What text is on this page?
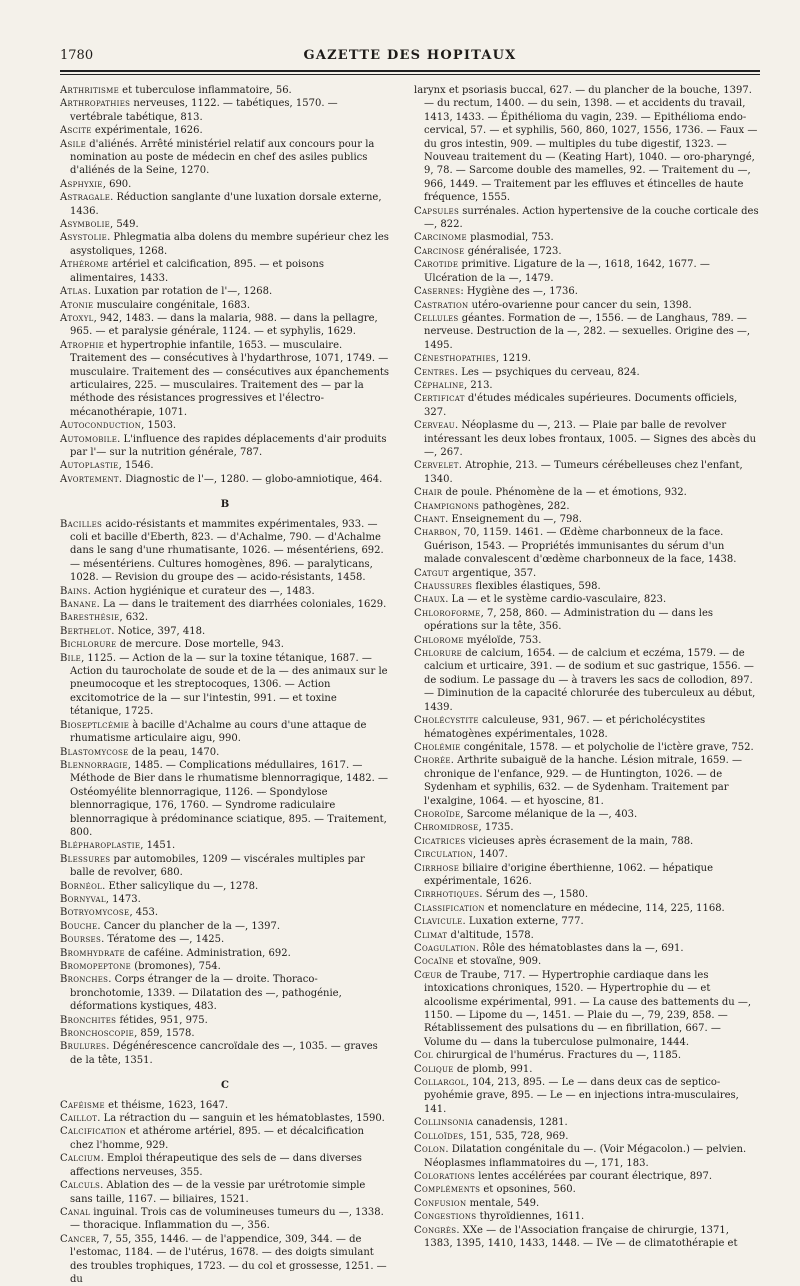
1780	GAZETTE DES HOPITAUX

Arthritisme et tuberculose inflammatoire, 56.

Arthropathies nerveuses, 1122. — tabétiques, 1570. — vertébrale tabétique, 813.

Ascite expérimentale, 1626.

Asile d'aliénés. Arrêté ministériel relatif aux concours pour la nomination au poste de médecin en chef des asiles publics d'aliénés de la Seine, 1270.

Asphyxie, 690.

Astragale. Réduction sanglante d'une luxation dorsale externe, 1436.

Asymbolie, 549.

Asystolie. Phlegmatia alba dolens du membre supérieur chez les asystoliques, 1268.

Athérome artériel et calcification, 895. — et poisons alimentaires, 1433.

Atlas. Luxation par rotation de l'—, 1268.

Atonie musculaire congénitale, 1683.

Atoxyl, 942, 1483. — dans la malaria, 988. — dans la pellagre, 965. — et paralysie générale, 1124. — et syphylis, 1629.

Atrophie et hypertrophie infantile, 1653. — musculaire. Traitement des — consécutives à l'hydarthrose, 1071, 1749. — musculaire. Traitement des — consécutives aux épanchements articulaires, 225. — musculaires. Traitement des — par la méthode des résistances progressives et l'électro-mécanothérapie, 1071.

Autoconduction, 1503.

Automobile. L'influence des rapides déplacements d'air produits par l'— sur la nutrition générale, 787.

Autoplastie, 1546.

Avortement. Diagnostic de l'—, 1280. — globo-amniotique, 464.

B

Bacilles acido-résistants et mammites expérimentales, 933. — coli et bacille d'Eberth, 823. — d'Achalme, 790. — d'Achalme dans le sang d'une rhumatisante, 1026. — mésentériens, 692. — mésentériens. Cultures homogènes, 896. — paralyticans, 1028. — Revision du groupe des — acido-résistants, 1458.

Bains. Action hygiénique et curateur des —, 1483.

Banane. La — dans le traitement des diarrhées coloniales, 1629.

Baresthésie, 632.

Berthelot. Notice, 397, 418.

Bichlorure de mercure. Dose mortelle, 943.

Bile, 1125. — Action de la — sur la toxine tétanique, 1687. — Action du taurocholate de soude et de la — des animaux sur le pneumocoque et les streptocoques, 1306. — Action excitomotrice de la — sur l'intestin, 991. — et toxine tétanique, 1725.

Bioseptlcémie à bacille d'Achalme au cours d'une attaque de rhumatisme articulaire aigu, 990.

Blastomycose de la peau, 1470.

Blennorragie, 1485. — Complications médullaires, 1617. — Méthode de Bier dans le rhumatisme blennorragique, 1482. — Ostéomyélite blennorragique, 1126. — Spondylose blennorragique, 176, 1760. — Syndrome radiculaire blennorragique à prédominance sciatique, 895. — Traitement, 800.

Blépharoplastie, 1451.

Blessures par automobiles, 1209 — viscérales multiples par balle de revolver, 680.

Bornéol. Ether salicylique du —, 1278.

Bornyval, 1473.

Botryomycose, 453.

Bouche. Cancer du plancher de la —, 1397.

Bourses. Tératome des —, 1425.

Bromhydrate de caféine. Administration, 692.

Bromopeptone (bromones), 754.

Bronches. Corps étranger de la — droite. Thoraco-bronchotomie, 1339. — Dilatation des —, pathogénie, déformations kystiques, 483.

Bronchites fétides, 951, 975.

Bronchoscopie, 859, 1578.

Brulures. Dégénérescence cancroïdale des —, 1035. — graves de la tête, 1351.

C

Caféisme et théisme, 1623, 1647.

Caillot. La rétraction du — sanguin et les hématoblastes, 1590.

Calcification et athérome artériel, 895. — et décalcification chez l'homme, 929.

Calcium. Emploi thérapeutique des sels de — dans diverses affections nerveuses, 355.

Calculs. Ablation des — de la vessie par urétrotomie simple sans taille, 1167. — biliaires, 1521.

Canal inguinal. Trois cas de volumineuses tumeurs du —, 1338. — thoracique. Inflammation du —, 356.

Cancer, 7, 55, 355, 1446. — de l'appendice, 309, 344. — de l'estomac, 1184. — de l'utérus, 1678. — des doigts simulant des troubles trophiques, 1723. — du col et grossesse, 1251. — du

larynx et psoriasis buccal, 627. — du plancher de la bouche, 1397. — du rectum, 1400. — du sein, 1398. — et accidents du travail, 1413, 1433. — Épithélioma du vagin, 239. — Epithélioma endo-cervical, 57. — et syphilis, 560, 860, 1027, 1556, 1736. — Faux — du gros intestin, 909. — multiples du tube digestif, 1323. — Nouveau traitement du — (Keating Hart), 1040. — oro-pharyngé, 9, 78. — Sarcome double des mamelles, 92. — Traitement du —, 966, 1449. — Traitement par les effluves et étincelles de haute fréquence, 1555.

Capsules surrénales. Action hypertensive de la couche corticale des —, 822.

Carcinome plasmodial, 753.

Carcinose généralisée, 1723.

Carotide primitive. Ligature de la —, 1618, 1642, 1677. — Ulcération de la —, 1479.

Casernes: Hygiène des —, 1736.

Castration utéro-ovarienne pour cancer du sein, 1398.

Cellules géantes. Formation de —, 1556. — de Langhaus, 789. — nerveuse. Destruction de la —, 282. — sexuelles. Origine des —, 1495.

Cénesthopathies, 1219.

Centres. Les — psychiques du cerveau, 824.

Céphaline, 213.

Certificat d'études médicales supérieures. Documents officiels, 327.

Cerveau. Néoplasme du —, 213. — Plaie par balle de revolver intéressant les deux lobes frontaux, 1005. — Signes des abcès du —, 267.

Cervelet. Atrophie, 213. — Tumeurs cérébelleuses chez l'enfant, 1340.

Chair de poule. Phénomène de la — et émotions, 932.

Champignons pathogènes, 282.

Chant. Enseignement du —, 798.

Charbon, 70, 1159. 1461. — Œdème charbonneux de la face. Guérison, 1543. — Propriétés immunisantes du sérum d'un malade convalescent d'œdème charbonneux de la face, 1438.

Catgut argentique, 357.

Chaussures flexibles élastiques, 598.

Chaux. La — et le système cardio-vasculaire, 823.

Chloroforme, 7, 258, 860. — Administration du — dans les opérations sur la tête, 356.

Chlorome myéloïde, 753.

Chlorure de calcium, 1654. — de calcium et eczéma, 1579. — de calcium et urticaire, 391. — de sodium et suc gastrique, 1556. — de sodium. Le passage du — à travers les sacs de collodion, 897. — Diminution de la capacité chlorurée des tuberculeux au début, 1439.

Cholécystite calculeuse, 931, 967. — et péricholécystites hématogènes expérimentales, 1028.

Cholémie congénitale, 1578. — et polycholie de l'ictère grave, 752.

Chorée. Arthrite subaiguë de la hanche. Lésion mitrale, 1659. — chronique de l'enfance, 929. — de Huntington, 1026. — de Sydenham et syphilis, 632. — de Sydenham. Traitement par l'exalgine, 1064. — et hyoscine, 81.

Choroïde, Sarcome mélanique de la —, 403.

Chromidrose, 1735.

Cicatrices vicieuses après écrasement de la main, 788.

Circulation, 1407.

Cirrhose biliaire d'origine éberthienne, 1062. — hépatique expérimentale, 1626.

Cirrhotiques. Sérum des —, 1580.

Classification et nomenclature en médecine, 114, 225, 1168.

Clavicule. Luxation externe, 777.

Climat d'altitude, 1578.

Coagulation. Rôle des hématoblastes dans la —, 691.

Cocaïne et stovaïne, 909.

Cœur de Traube, 717. — Hypertrophie cardiaque dans les intoxications chroniques, 1520. — Hypertrophie du — et alcoolisme expérimental, 991. — La cause des battements du —, 1150. — Lipome du —, 1451. — Plaie du —, 79, 239, 858. — Rétablissement des pulsations du — en fibrillation, 667. — Volume du — dans la tuberculose pulmonaire, 1444.

Col chirurgical de l'humérus. Fractures du —, 1185.

Colique de plomb, 991.

Collargol, 104, 213, 895. — Le — dans deux cas de septico-pyohémie grave, 895. — Le — en injections intra-musculaires, 141.

Collinsonia canadensis, 1281.

Colloïdes, 151, 535, 728, 969.

Colon. Dilatation congénitale du —. (Voir Mégacolon.) — pelvien. Néoplasmes inflammatoires du —, 171, 183.

Colorations lentes accélérées par courant électrique, 897.

Compléments et opsonines, 560.

Confusion mentale, 549.

Congestions thyroïdiennes, 1611.

Congrès. XXe — de l'Association française de chirurgie, 1371, 1383, 1395, 1410, 1433, 1448. — IVe — de climatothérapie et
